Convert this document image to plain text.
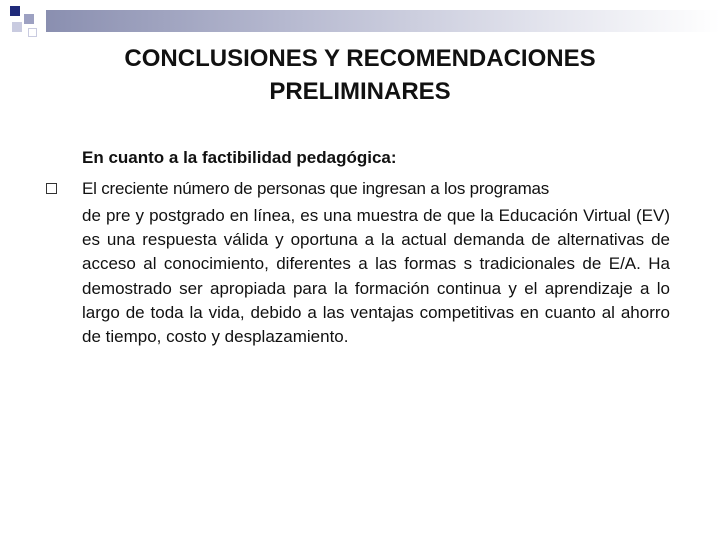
CONCLUSIONES Y RECOMENDACIONES PRELIMINARES
En cuanto a la factibilidad pedagógica:
El creciente número de personas que ingresan a los programas
de pre y postgrado en línea, es una muestra de que la Educación Virtual (EV) es una respuesta válida y oportuna a la actual demanda de alternativas de acceso al conocimiento, diferentes a las formas s tradicionales de E/A. Ha demostrado ser apropiada para la formación continua y el aprendizaje a lo largo de toda la vida, debido a las ventajas competitivas en cuanto al ahorro de tiempo, costo y desplazamiento.
